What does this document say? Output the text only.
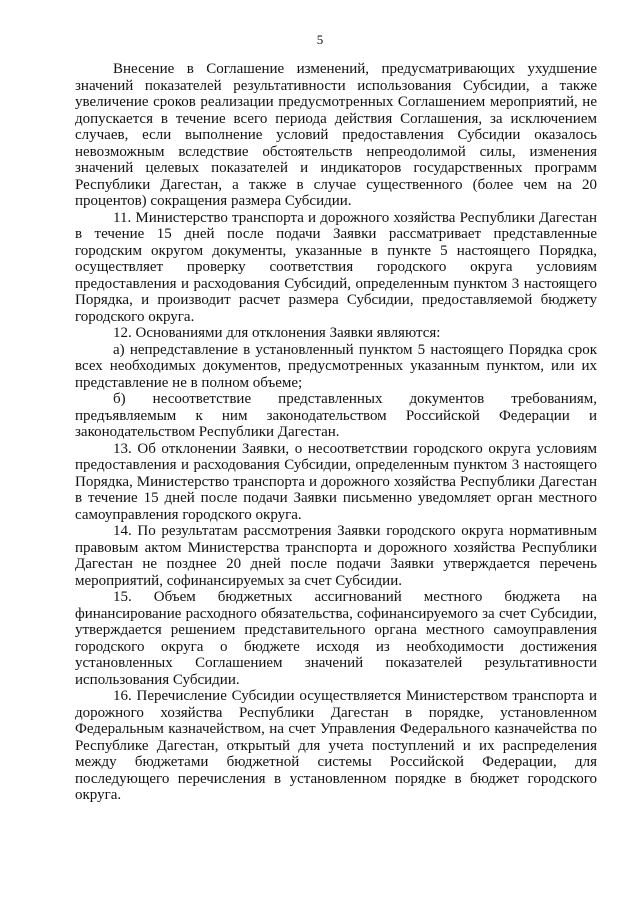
5

Внесение в Соглашение изменений, предусматривающих ухудшение значений показателей результативности использования Субсидии, а также увеличение сроков реализации предусмотренных Соглашением мероприятий, не допускается в течение всего периода действия Соглашения, за исключением случаев, если выполнение условий предоставления Субсидии оказалось невозможным вследствие обстоятельств непреодолимой силы, изменения значений целевых показателей и индикаторов государственных программ Республики Дагестан, а также в случае существенного (более чем на 20 процентов) сокращения размера Субсидии.

11. Министерство транспорта и дорожного хозяйства Республики Дагестан в течение 15 дней после подачи Заявки рассматривает представленные городским округом документы, указанные в пункте 5 настоящего Порядка, осуществляет проверку соответствия городского округа условиям предоставления и расходования Субсидий, определенным пунктом 3 настоящего Порядка, и производит расчет размера Субсидии, предоставляемой бюджету городского округа.

12. Основаниями для отклонения Заявки являются:

а) непредставление в установленный пунктом 5 настоящего Порядка срок всех необходимых документов, предусмотренных указанным пунктом, или их представление не в полном объеме;

б) несоответствие представленных документов требованиям, предъявляемым к ним законодательством Российской Федерации и законодательством Республики Дагестан.

13. Об отклонении Заявки, о несоответствии городского округа условиям предоставления и расходования Субсидии, определенным пунктом 3 настоящего Порядка, Министерство транспорта и дорожного хозяйства Республики Дагестан в течение 15 дней после подачи Заявки письменно уведомляет орган местного самоуправления городского округа.

14. По результатам рассмотрения Заявки городского округа нормативным правовым актом Министерства транспорта и дорожного хозяйства Республики Дагестан не позднее 20 дней после подачи Заявки утверждается перечень мероприятий, софинансируемых за счет Субсидии.

15. Объем бюджетных ассигнований местного бюджета на финансирование расходного обязательства, софинансируемого за счет Субсидии, утверждается решением представительного органа местного самоуправления городского округа о бюджете исходя из необходимости достижения установленных Соглашением значений показателей результативности использования Субсидии.

16. Перечисление Субсидии осуществляется Министерством транспорта и дорожного хозяйства Республики Дагестан в порядке, установленном Федеральным казначейством, на счет Управления Федерального казначейства по Республике Дагестан, открытый для учета поступлений и их распределения между бюджетами бюджетной системы Российской Федерации, для последующего перечисления в установленном порядке в бюджет городского округа.
